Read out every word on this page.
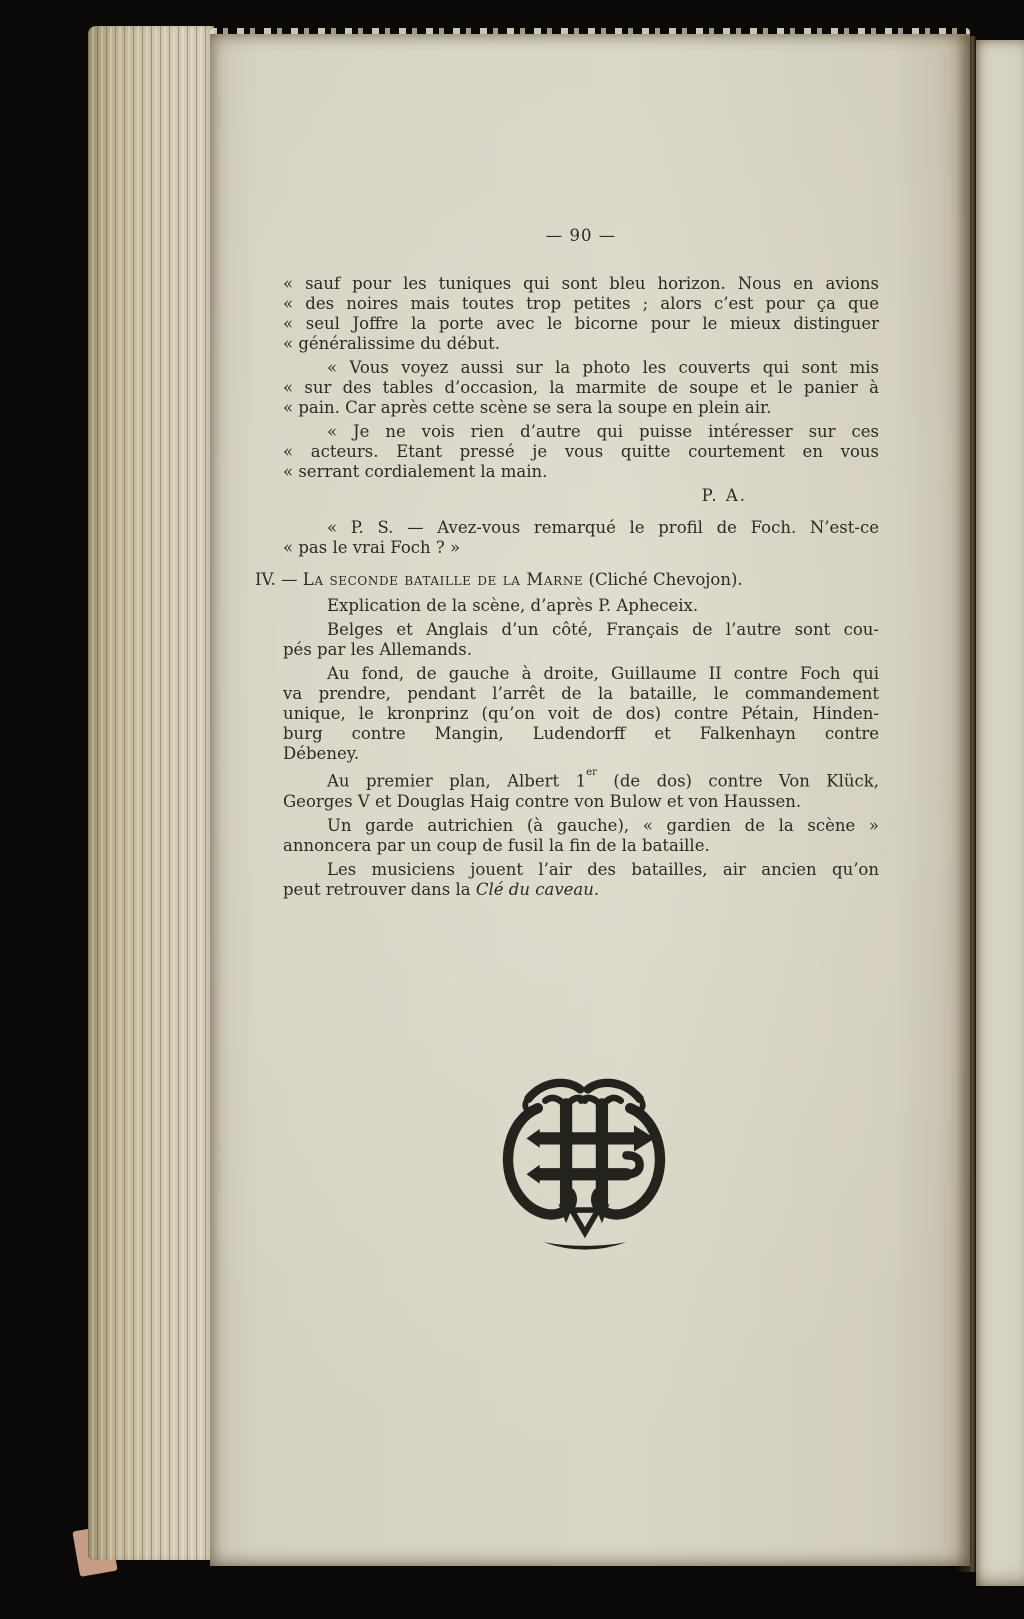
— 90 —
« sauf pour les tuniques qui sont bleu horizon. Nous en avions
« des noires mais toutes trop petites ; alors c’est pour ça que
« seul Joffre la porte avec le bicorne pour le mieux distinguer
« généralissime du début.
« Vous voyez aussi sur la photo les couverts qui sont mis
« sur des tables d’occasion, la marmite de soupe et le panier à
« pain. Car après cette scène se sera la soupe en plein air.
« Je ne vois rien d’autre qui puisse intéresser sur ces
« acteurs. Etant pressé je vous quitte courtement en vous
« serrant cordialement la main.
P. A.
« P. S. — Avez-vous remarqué le profil de Foch. N’est-ce
« pas le vrai Foch ? »
IV. — La seconde bataille de la Marne (Cliché Chevojon).
Explication de la scène, d’après P. Apheceix.
Belges et Anglais d’un côté, Français de l’autre sont cou-
pés par les Allemands.
Au fond, de gauche à droite, Guillaume II contre Foch qui
va prendre, pendant l’arrêt de la bataille, le commandement
unique, le kronprinz (qu’on voit de dos) contre Pétain, Hinden-
burg contre Mangin, Ludendorff et Falkenhayn contre
Débeney.
Au premier plan, Albert 1er (de dos) contre Von Klück,
Georges V et Douglas Haig contre von Bulow et von Haussen.
Un garde autrichien (à gauche), « gardien de la scène »
annoncera par un coup de fusil la fin de la bataille.
Les musiciens jouent l’air des batailles, air ancien qu’on
peut retrouver dans la Clé du caveau.
